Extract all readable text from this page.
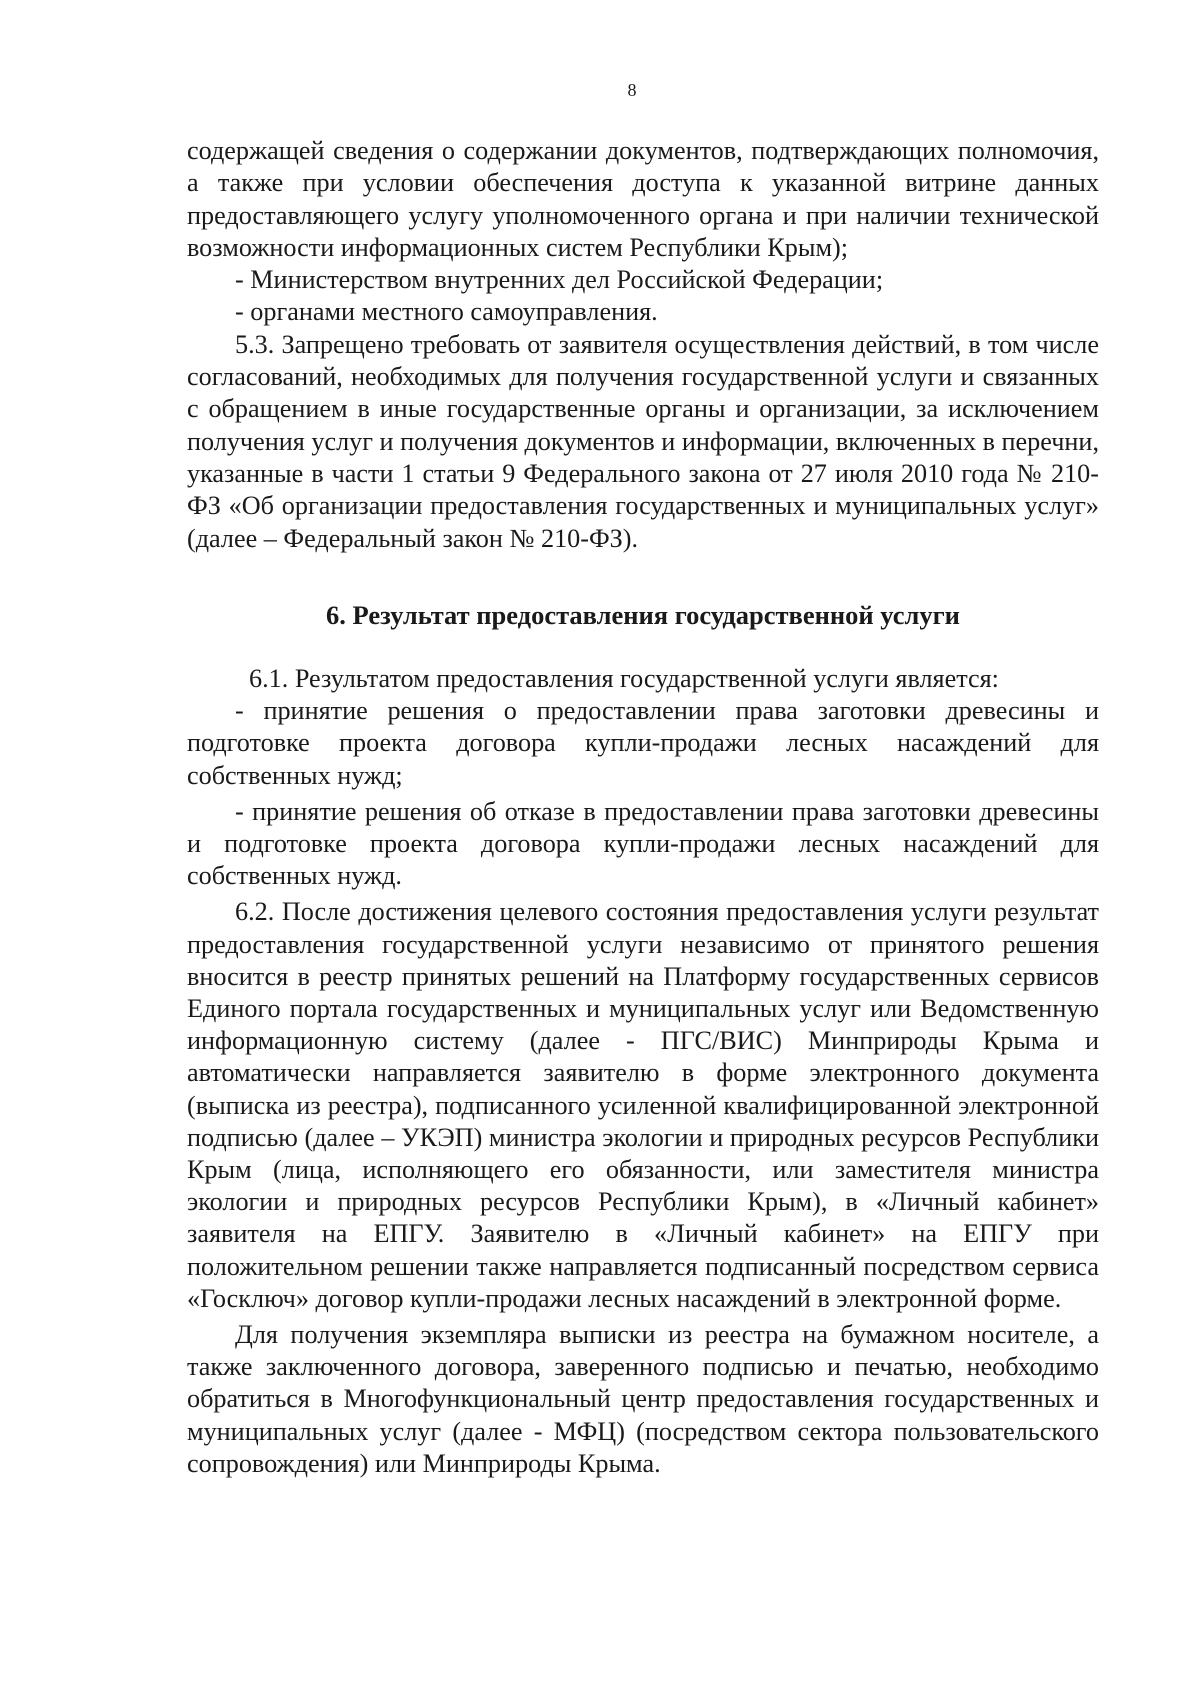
8

содержащей сведения о содержании документов, подтверждающих полномочия, а также при условии обеспечения доступа к указанной витрине данных предоставляющего услугу уполномоченного органа и при наличии технической возможности информационных систем Республики Крым);

- Министерством внутренних дел Российской Федерации;

- органами местного самоуправления.

5.3. Запрещено требовать от заявителя осуществления действий, в том числе согласований, необходимых для получения государственной услуги и связанных с обращением в иные государственные органы и организации, за исключением получения услуг и получения документов и информации, включенных в перечни, указанные в части 1 статьи 9 Федерального закона от 27 июля 2010 года № 210-ФЗ «Об организации предоставления государственных и муниципальных услуг» (далее – Федеральный закон № 210-ФЗ).

6. Результат предоставления государственной услуги

6.1. Результатом предоставления государственной услуги является:

- принятие решения о предоставлении права заготовки древесины и подготовке проекта договора купли-продажи лесных насаждений для собственных нужд;

- принятие решения об отказе в предоставлении права заготовки древесины и подготовке проекта договора купли-продажи лесных насаждений для собственных нужд.

6.2. После достижения целевого состояния предоставления услуги результат предоставления государственной услуги независимо от принятого решения вносится в реестр принятых решений на Платформу государственных сервисов Единого портала государственных и муниципальных услуг или Ведомственную информационную систему (далее - ПГС/ВИС) Минприроды Крыма и автоматически направляется заявителю в форме электронного документа (выписка из реестра), подписанного усиленной квалифицированной электронной подписью (далее – УКЭП) министра экологии и природных ресурсов Республики Крым (лица, исполняющего его обязанности, или заместителя министра экологии и природных ресурсов Республики Крым), в «Личный кабинет» заявителя на ЕПГУ. Заявителю в «Личный кабинет» на ЕПГУ при положительном решении также направляется подписанный посредством сервиса «Госключ» договор купли-продажи лесных насаждений в электронной форме.

Для получения экземпляра выписки из реестра на бумажном носителе, а также заключенного договора, заверенного подписью и печатью, необходимо обратиться в Многофункциональный центр предоставления государственных и муниципальных услуг (далее - МФЦ) (посредством сектора пользовательского сопровождения) или Минприроды Крыма.
